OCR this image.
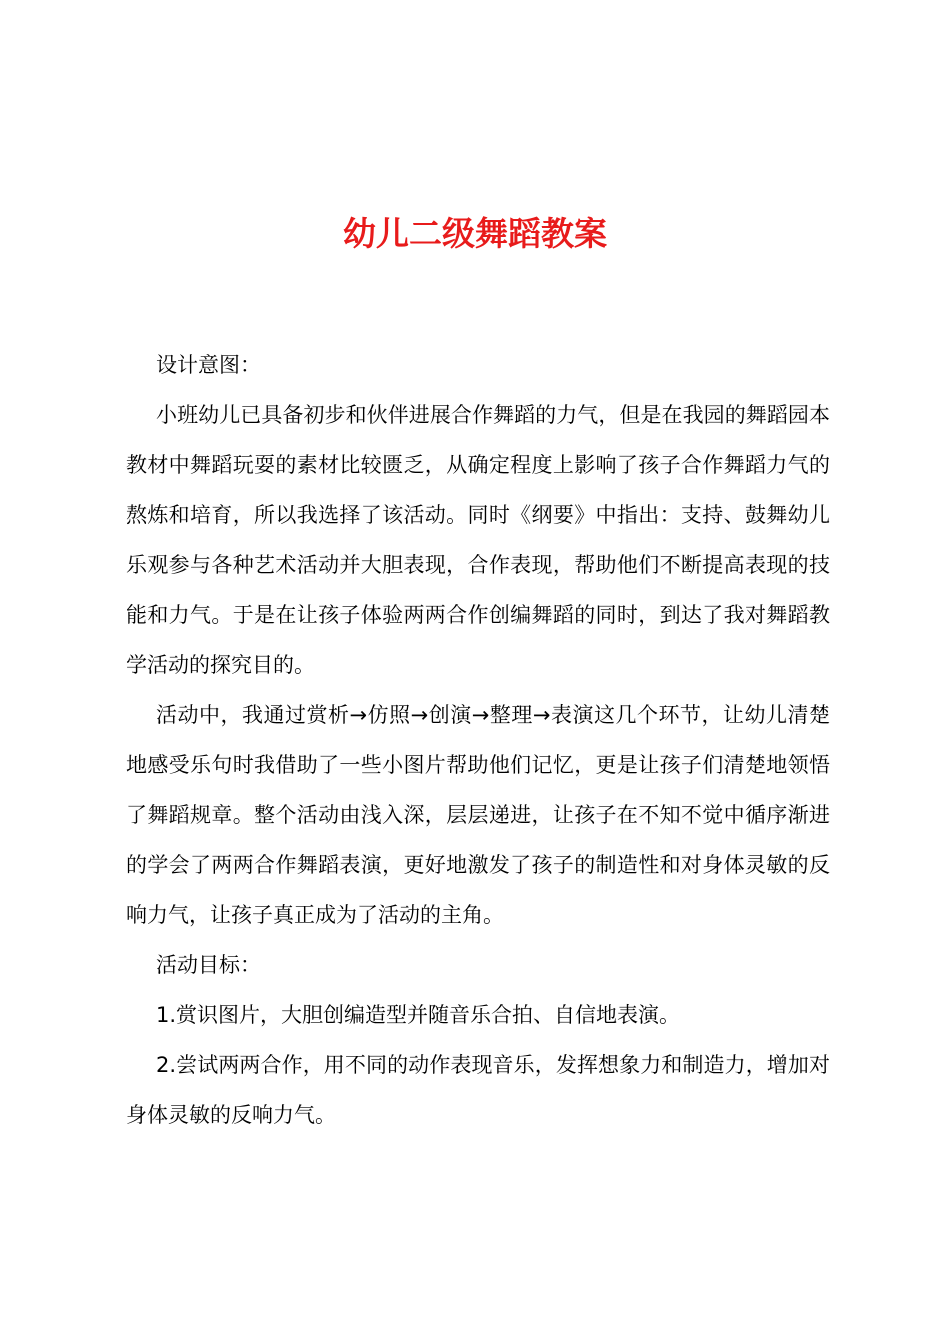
幼儿二级舞蹈教案

设计意图：

小班幼儿已具备初步和伙伴进展合作舞蹈的力气，但是在我园的舞蹈园本教材中舞蹈玩耍的素材比较匮乏，从确定程度上影响了孩子合作舞蹈力气的熬炼和培育，所以我选择了该活动。同时《纲要》中指出：支持、鼓舞幼儿乐观参与各种艺术活动并大胆表现，合作表现，帮助他们不断提高表现的技能和力气。于是在让孩子体验两两合作创编舞蹈的同时，到达了我对舞蹈教学活动的探究目的。

活动中，我通过赏析→仿照→创演→整理→表演这几个环节，让幼儿清楚地感受乐句时我借助了一些小图片帮助他们记忆，更是让孩子们清楚地领悟了舞蹈规章。整个活动由浅入深，层层递进，让孩子在不知不觉中循序渐进的学会了两两合作舞蹈表演，更好地激发了孩子的制造性和对身体灵敏的反响力气，让孩子真正成为了活动的主角。

活动目标：

1.赏识图片，大胆创编造型并随音乐合拍、自信地表演。

2.尝试两两合作，用不同的动作表现音乐，发挥想象力和制造力，增加对身体灵敏的反响力气。
